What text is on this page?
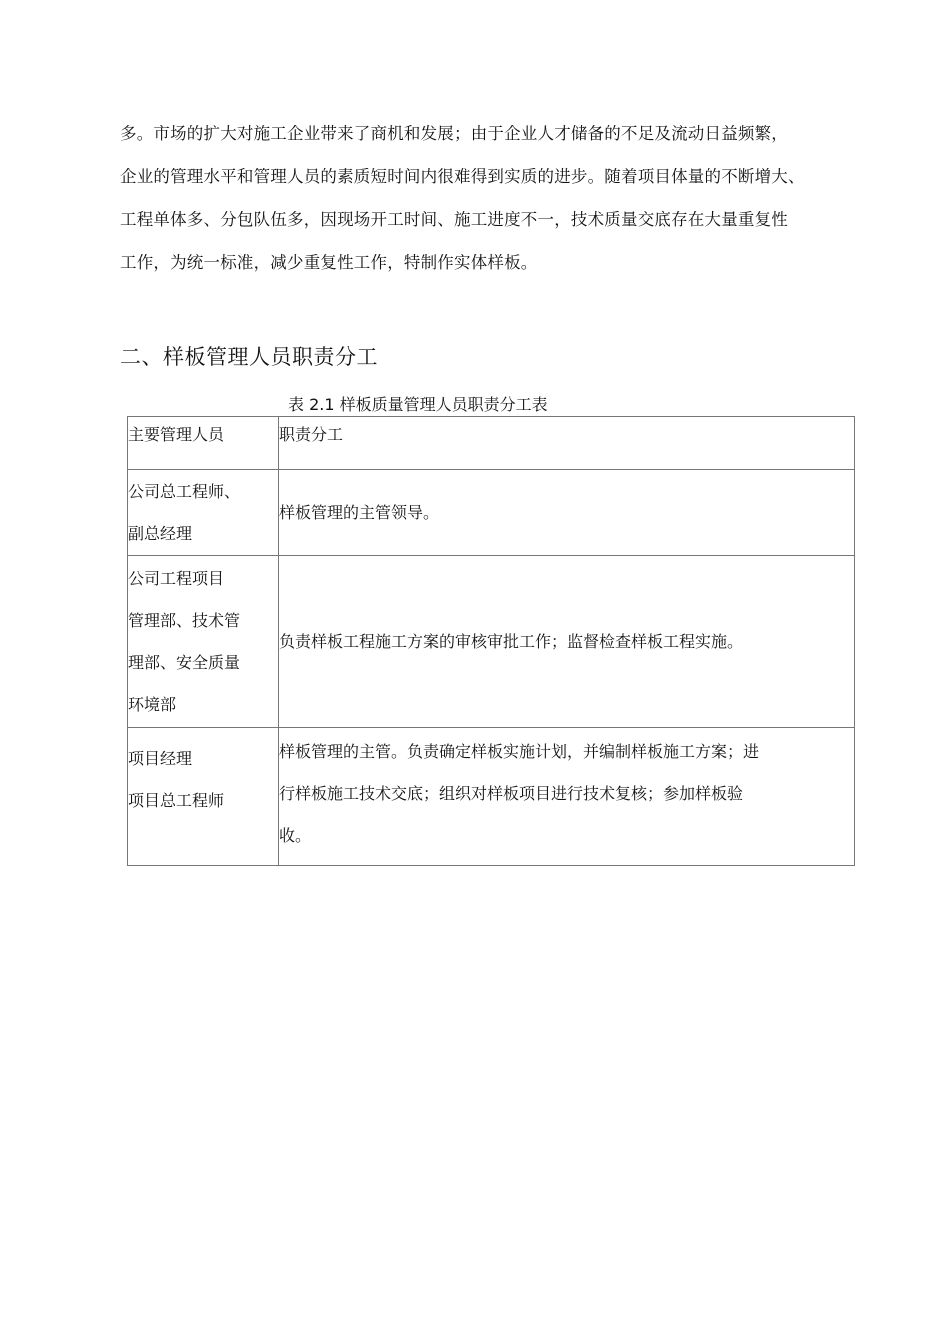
多。市场的扩大对施工企业带来了商机和发展；由于企业人才储备的不足及流动日益频繁，
企业的管理水平和管理人员的素质短时间内很难得到实质的进步。随着项目体量的不断增大、
工程单体多、分包队伍多，因现场开工时间、施工进度不一，技术质量交底存在大量重复性
工作，为统一标准，减少重复性工作，特制作实体样板。
二、样板管理人员职责分工
表 2.1 样板质量管理人员职责分工表
主要管理人员	职责分工

公司总工程师、
副总经理	样板管理的主管领导。

公司工程项目
管理部、技术管
理部、安全质量
环境部	负责样板工程施工方案的审核审批工作；监督检查样板工程实施。

项目经理
项目总工程师	样板管理的主管。负责确定样板实施计划，并编制样板施工方案；进
行样板施工技术交底；组织对样板项目进行技术复核；参加样板验
收。
